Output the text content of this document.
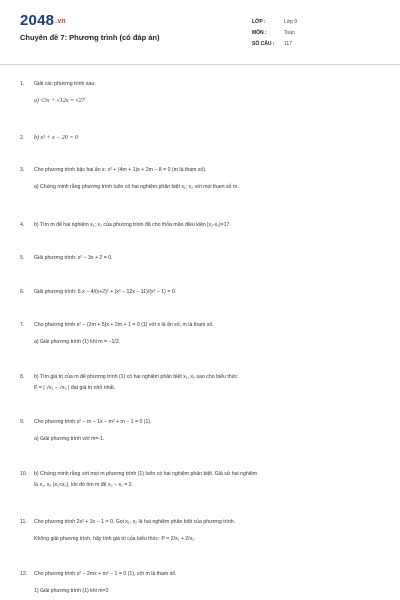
2048.vn
Chuyên đề 7: Phương trình (có đáp án)
LỚP :	Lớp 9
MÔN :	Toán
SỐ CÂU : 117
1. Giải các phương trình sau:
a) √3x + √12x = √27
2. b) x² + x − 20 = 0
3. Cho phương trình bậc hai ẩn x: x² + (4m + 1)x + 2m − 8 = 0 (m là tham số).
a) Chứng minh rằng phương trình luôn có hai nghiệm phân biệt x₁; x₂ với mọi tham số m.
4. b) Tìm m để hai nghiệm x₁; x₂ của phương trình đã cho thỏa mãn điều kiện |x₁-x₂|=17.
5. Giải phương trình: x² − 3x + 2 = 0.
6. Giải phương trình: 6.x − 4/(x+2)² + (x² − 12x − 11)/(x² − 1) = 0.
7. Cho phương trình x² − (2m + 5)x + 2m + 1 = 0 (1) với x là ẩn số, m là tham số.
a) Giải phương trình (1) khi m = −1/2.
8. b) Tìm giá trị của m để phương trình (1) có hai nghiệm phân biệt x₁, x₂ sao cho biểu thức
P = | √x₁ − √x₂ | đạt giá trị nhỏ nhất.
9. Cho phương trình x² − m − 1x − m² + m − 1 = 0 (1).
a) Giải phương trình với m=-1.
10. b) Chứng minh rằng với mọi m phương trình (1) luôn có hai nghiệm phân biệt. Giả sử hai nghiệm
là x₁, x₂ (x₁<x₂), khi đó tìm m để x₂ − x₁ = 2.
11. Cho phương trình 2x² + 3x − 1 = 0. Gọi x₁, x₂ là hai nghiệm phân biệt của phương trình.
Không giải phương trình, hãy tính giá trị của biểu thức: P = 2/x₁ + 2/x₂
12. Cho phương trình x² − 2mx + m² − 1 = 0 (1), với m là tham số.
1) Giải phương trình (1) khi m=2
